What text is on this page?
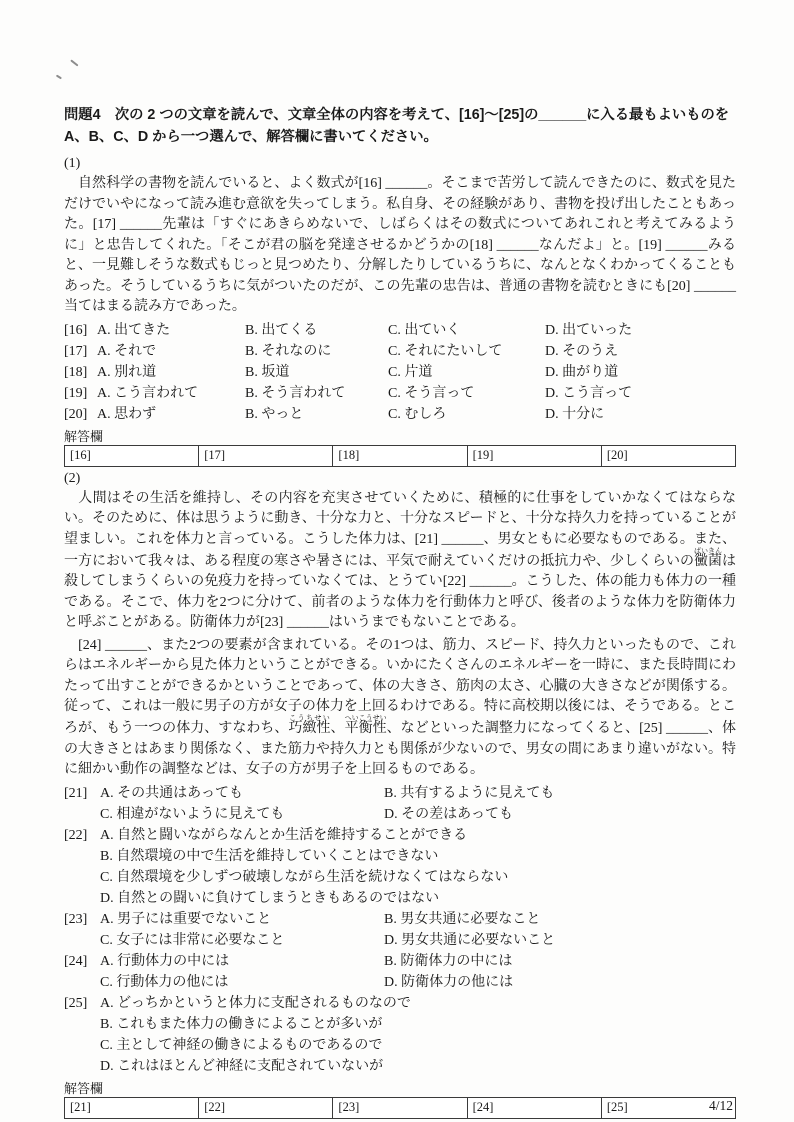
問題4　次の 2 つの文章を読んで、文章全体の内容を考えて、[16]～[25]の______に入る最もよいものを
A、B、C、D から一つ選んで、解答欄に書いてください。
(1)

　自然科学の書物を読んでいると、よく数式が[16] ______。そこまで苦労して読んできたのに、数式を見ただけでいやになって読み進む意欲を失ってしまう。私自身、その経験があり、書物を投げ出したこともあった。[17] ______先輩は「すぐにあきらめないで、しばらくはその数式についてあれこれと考えてみるように」と忠告してくれた。「そこが君の脳を発達させるかどうかの[18] ______なんだよ」と。[19] ______みると、一見難しそうな数式もじっと見つめたり、分解したりしているうちに、なんとなくわかってくることもあった。そうしているうちに気がついたのだが、この先輩の忠告は、普通の書物を読むときにも[20] ______当てはまる読み方であった。

[16] A. 出てきた	B. 出てくる	C. 出ていく	D. 出ていった
[17] A. それで	B. それなのに	C. それにたいして	D. そのうえ
[18] A. 別れ道	B. 坂道	C. 片道	D. 曲がり道
[19] A. こう言われて	B. そう言われて	C. そう言って	D. こう言って
[20] A. 思わず	B. やっと	C. むしろ	D. 十分に
解答欄
[16]	[17]	[18]	[19]	[20]
(2)

　人間はその生活を維持し、その内容を充実させていくために、積極的に仕事をしていかなくてはならない。そのために、体は思うように動き、十分な力と、十分なスピードと、十分な持久力を持っていることが望ましい。これを体力と言っている。こうした体力は、[21] ______、男女ともに必要なものである。また、一方において我々は、ある程度の寒さや暑さには、平気で耐えていくだけの抵抗力や、少しくらいの黴菌ばいきんは殺してしまうくらいの免疫力を持っていなくては、とうてい[22] ______。こうした、体の能力も体力の一種である。そこで、体力を2つに分けて、前者のような体力を行動体力と呼び、後者のような体力を防衛体力と呼ぶことがある。防衛体力が[23] ______はいうまでもないことである。

　[24] ______、また2つの要素が含まれている。その1つは、筋力、スピード、持久力といったもので、これらはエネルギーから見た体力ということができる。いかにたくさんのエネルギーを一時に、また長時間にわたって出すことができるかということであって、体の大きさ、筋肉の太さ、心臓の大きさなどが関係する。従って、これは一般に男子の方が女子の体力を上回るわけである。特に高校期以後には、そうである。ところが、もう一つの体力、すなわち、巧緻性こうちせい、平衡性へいこうせい、などといった調整力になってくると、[25] ______、体の大きさとはあまり関係なく、また筋力や持久力とも関係が少ないので、男女の間にあまり違いがない。特に細かい動作の調整などは、女子の方が男子を上回るものである。

[21] A. その共通はあっても	B. 共有するように見えても
C. 相違がないように見えても	D. その差はあっても
[22] A. 自然と闘いながらなんとか生活を維持することができる
B. 自然環境の中で生活を維持していくことはできない
C. 自然環境を少しずつ破壊しながら生活を続けなくてはならない
D. 自然との闘いに負けてしまうときもあるのではない
[23] A. 男子には重要でないこと	B. 男女共通に必要なこと
C. 女子には非常に必要なこと	D. 男女共通に必要ないこと
[24] A. 行動体力の中には	B. 防衛体力の中には
C. 行動体力の他には	D. 防衛体力の他には
[25] A. どっちかというと体力に支配されるものなので
B. これもまた体力の働きによることが多いが
C. 主として神経の働きによるものであるので
D. これはほとんど神経に支配されていないが
解答欄
[21]	[22]	[23]	[24]	[25]	4/12
